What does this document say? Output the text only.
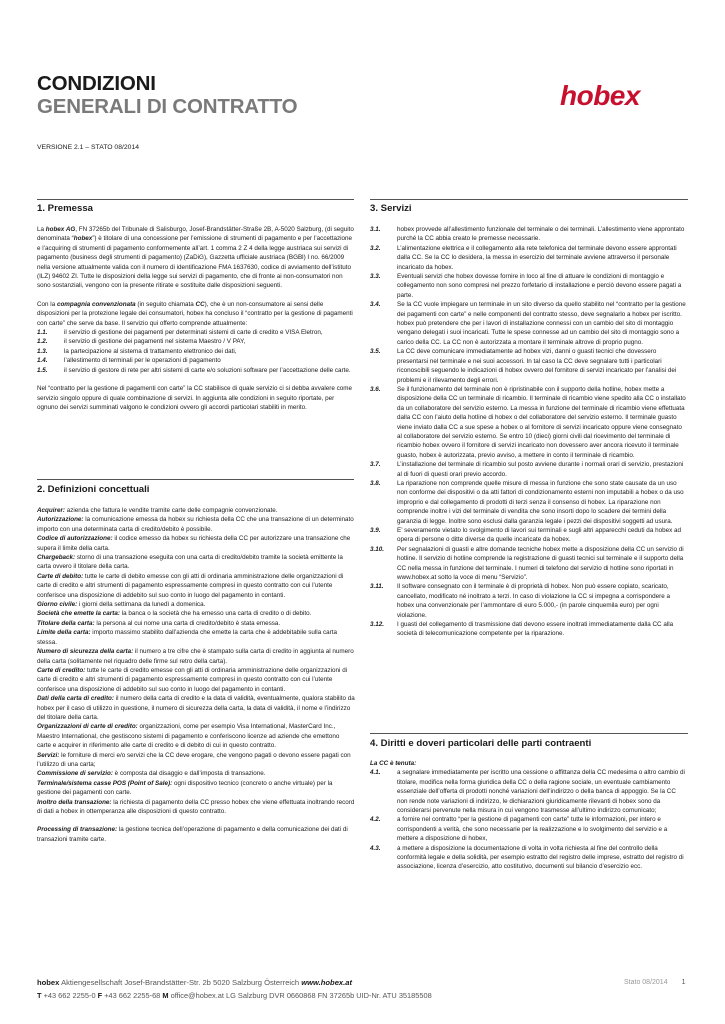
CONDIZIONI
GENERALI DI CONTRATTO	hobex
VERSIONE 2.1 – STATO 08/2014
1. Premessa

La hobex AG, FN 37265b del Tribunale di Salisburgo, Josef-Brandstätter-Straße 2B, A-5020 Salzburg, (di seguito denominata “hobex”) è titolare di una concessione per l’emissione di strumenti di pagamento e per l’accettazione e l’acquiring di strumenti di pagamento conformemente all’art. 1 comma 2 Z 4 della legge austriaca sui servizi di pagamento (business degli strumenti di pagamento) (ZaDiG), Gazzetta ufficiale austriaca (BGBl) I no. 66/2009 nella versione attualmente valida con il numero di identificazione FMA 1637630, codice di avviamento dell’istituto (ILZ) 94602 ZI. Tutte le disposizioni della legge sui servizi di pagamento, che di fronte ai non-consumatori non sono sostanziali, vengono con la presente ritirate e sostituite dalle disposizioni seguenti.

Con la compagnia convenzionata (in seguito chiamata CC), che è un non-consumatore ai sensi delle disposizioni per la protezione legale dei consumatori, hobex ha concluso il “contratto per la gestione di pagamenti con carte” che serve da base. Il servizio qui offerto comprende attualmente:

1.1.	il servizio di gestione dei pagamenti per determinati sistemi di carte di credito e VISA Eletron,
1.2.	il servizio di gestione dei pagamenti nel sistema Maestro / V PAY,
1.3.	la partecipazione al sistema di trattamento elettronico dei dati,
1.4.	l’allestimento di terminali per le operazioni di pagamento
1.5.	il servizio di gestore di rete per altri sistemi di carte e/o soluzioni software per l’accettazione delle carte.

Nel “contratto per la gestione di pagamenti con carte” la CC stabilisce di quale servizio ci si debba avvalere come servizio singolo oppure di quale combinazione di servizi. In aggiunta alle condizioni in seguito riportate, per ognuno dei servizi summinati valgono le condizioni ovvero gli accordi particolari stabiliti in merito.

2. Definizioni concettuali

Acquirer: azienda che fattura le vendite tramite carte delle compagnie convenzionate.

Autorizzazione: la comunicazione emessa da hobex su richiesta della CC che una transazione di un determinato importo con una determinata carta di credito/debito è possibile.

Codice di autorizzazione: il codice emesso da hobex su richiesta della CC per autorizzare una transazione che supera il limite della carta.

Chargeback: storno di una transazione eseguita con una carta di credito/debito tramite la società emittente la carta ovvero il titolare della carta.

Carte di debito: tutte le carte di debito emesse con gli atti di ordinaria amministrazione delle organizzazioni di carte di credito e altri strumenti di pagamento espressamente compresi in questo contratto con cui l’utente conferisce una disposizione di addebito sul suo conto in luogo del pagamento in contanti.

Giorno civile: i giorni della settimana da lunedì a domenica.

Società che emette la carta: la banca o la società che ha emesso una carta di credito o di debito.

Titolare della carta: la persona al cui nome una carta di credito/debito è stata emessa.

Limite della carta: importo massimo stabilito dall’azienda che emette la carta che è addebitabile sulla carta stessa.

Numero di sicurezza della carta: il numero a tre cifre che è stampato sulla carta di credito in aggiunta al numero della carta (solitamente nel riquadro delle firme sul retro della carta).

Carte di credito: tutte le carte di credito emesse con gli atti di ordinaria amministrazione delle organizzazioni di carte di credito e altri strumenti di pagamento espressamente compresi in questo contratto con cui l’utente conferisce una disposizione di addebito sul suo conto in luogo del pagamento in contanti.

Dati della carta di credito: il numero della carta di credito e la data di validità, eventualmente, qualora stabilito da hobex per il caso di utilizzo in questione, il numero di sicurezza della carta, la data di validità, il nome e l’indirizzo del titolare della carta.

Organizzazioni di carte di credito: organizzazioni, come per esempio Visa International, MasterCard Inc., Maestro International, che gestiscono sistemi di pagamento e conferiscono licenze ad aziende che emettono carte e acquirer in riferimento alle carte di credito e di debito di cui in questo contratto.

Servizi: le forniture di merci e/o servizi che la CC deve erogare, che vengono pagati o devono essere pagati con l’utilizzo di una carta;

Commissione di servizio: è composta dal disaggio e dall’imposta di transazione.

Terminale/sistema casse POS (Point of Sale): ogni dispositivo tecnico (concreto o anche virtuale) per la gestione dei pagamenti con carte.

Inoltro della transazione: la richiesta di pagamento della CC presso hobex che viene effettuata inoltrando record di dati a hobex in ottemperanza alle disposizioni di questo contratto.

Processing di transazione: la gestione tecnica dell’operazione di pagamento e della comunicazione dei dati di transazioni tramite carte.

3. Servizi
3.1.	hobex provvede all’allestimento funzionale del terminale o dei terminali. L’allestimento viene approntato purché la CC abbia creato le premesse necessarie.
3.2.	L’alimentazione elettrica e il collegamento alla rete telefonica del terminale devono essere approntati dalla CC. Se la CC lo desidera, la messa in esercizio del terminale avviene attraverso il personale incaricato da hobex.
3.3.	Eventuali servizi che hobex dovesse fornire in loco al fine di attuare le condizioni di montaggio e collegamento non sono compresi nel prezzo forfetario di installazione e perciò devono essere pagati a parte.
3.4.	Se la CC vuole impiegare un terminale in un sito diverso da quello stabilito nel “contratto per la gestione dei pagamenti con carte” e nelle componenti del contratto stesso, deve segnalarlo a hobex per iscritto. hobex può pretendere che per i lavori di installazione connessi con un cambio del sito di montaggio vengano delegati i suoi incaricati. Tutte le spese connesse ad un cambio del sito di montaggio sono a carico della CC. La CC non è autorizzata a montare il terminale altrove di proprio pugno.
3.5.	La CC deve comunicare immediatamente ad hobex vizi, danni o guasti tecnici che dovessero presentarsi nel terminale e nei suoi accessori. In tal caso la CC deve segnalare tutti i particolari riconoscibili seguendo le indicazioni di hobex ovvero del fornitore di servizi incaricato per l’analisi dei problemi e il rilevamento degli errori.
3.6.	Se il funzionamento del terminale non è ripristinabile con il supporto della hotline, hobex mette a disposizione della CC un terminale di ricambio. Il terminale di ricambio viene spedito alla CC o installato da un collaboratore del servizio esterno. La messa in funzione del terminale di ricambio viene effettuata dalla CC con l’aiuto della hotline di hobex o del collaboratore del servizio esterno. Il terminale guasto viene inviato dalla CC a sue spese a hobex o al fornitore di servizi incaricato oppure viene consegnato al collaboratore del servizio esterno. Se entro 10 (dieci) giorni civili dal ricevimento del terminale di ricambio hobex ovvero il fornitore di servizi incaricato non dovessero aver ancora ricevuto il terminale guasto, hobex è autorizzata, previo avviso, a mettere in conto il terminale di ricambio.
3.7.	L’installazione del terminale di ricambio sul posto avviene durante i normali orari di servizio, prestazioni al di fuori di questi orari previo accordo.
3.8.	La riparazione non comprende quelle misure di messa in funzione che sono state causate da un uso non conforme dei dispositivi o da atti fattori di condizionamento esterni non imputabili a hobex o da uso improprio e dal collegamento di prodotti di terzi senza il consenso di hobex. La riparazione non comprende inoltre i vizi del terminale di vendita che sono insorti dopo lo scadere dei termini della garanzia di legge. Inoltre sono esclusi dalla garanzia legale i pezzi dei dispositivi soggetti ad usura.
3.9.	E’ severamente vietato lo svolgimento di lavori sui terminali e sugli altri apparecchi ceduti da hobex ad opera di persone o ditte diverse da quelle incaricate da hobex.
3.10.	Per segnalazioni di guasti e altre domande tecniche hobex mette a disposizione della CC un servizio di hotline. Il servizio di hotline comprende la registrazione di guasti tecnici sul terminale e il supporto della CC nella messa in funzione del terminale. I numeri di telefono del servizio di hotline sono riportati in www.hobex.at sotto la voce di menu “Servizio”.
3.11.	Il software consegnato con il terminale è di proprietà di hobex. Non può essere copiato, scaricato, cancellato, modificato né inoltrato a terzi. In caso di violazione la CC si impegna a corrispondere a hobex una convenzionale per l’ammontare di euro 5.000,- (in parole cinquemila euro) per ogni violazione.
3.12.	I guasti del collegamento di trasmissione dati devono essere inoltrati immediatamente dalla CC alla società di telecomunicazione competente per la riparazione.
4. Diritti e doveri particolari delle parti contraenti

La CC è tenuta:

4.1.	a segnalare immediatamente per iscritto una cessione o affittanza della CC medesima o altro cambio di titolare, modifica nella forma giuridica della CC o della ragione sociale, un eventuale cambiamento essenziale dell’offerta di prodotti nonché variazioni dell’indirizzo o della banca di appoggio. Se la CC non rende note variazioni di indirizzo, le dichiarazioni giuridicamente rilevanti di hobex sono da considerarsi pervenute nella misura in cui vengono trasmesse all’ultimo indirizzo comunicato;
4.2.	a fornire nel contratto “per la gestione di pagamenti con carte” tutte le informazioni, per intero e corrispondenti a verità, che sono necessarie per la realizzazione e lo svolgimento del servizio e a mettere a disposizione di hobex,
4.3.	a mettere a disposizione la documentazione di volta in volta richiesta al fine del controllo della conformità legale e della solidità, per esempio estratto del registro delle imprese, estratto del registro di associazione, licenza d’esercizio, atto costitutivo, documenti sul bilancio d’esercizio ecc.
hobex Aktiengesellschaft Josef-Brandstätter-Str. 2b 5020 Salzburg Österreich www.hobex.at
T +43 662 2255-0 F +43 662 2255-68 M office@hobex.at LG Salzburg DVR 0660868 FN 37265b UID-Nr. ATU 35185508
Stato 08/2014 1
